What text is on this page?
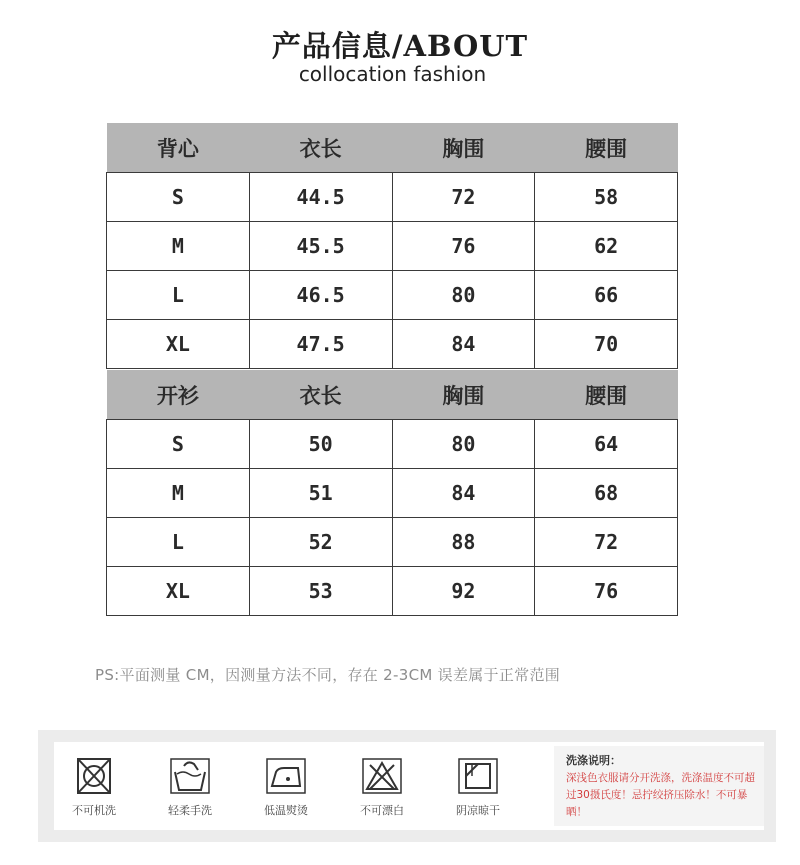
产品信息/ABOUT
collocation fashion
背心	衣长	胸围	腰围
S	44.5	72	58
M	45.5	76	62
L	46.5	80	66
XL	47.5	84	70
开衫	衣长	胸围	腰围
S	50	80	64
M	51	84	68
L	52	88	72
XL	53	92	76
PS:平面测量 CM，因测量方法不同，存在 2-3CM 误差属于正常范围
不可机洗	轻柔手洗	低温熨烫	不可漂白	阴凉晾干
洗涤说明：
深浅色衣服请分开洗涤，洗涤温度不可超过30摄氏度！忌拧绞挤压除水！不可暴晒！
